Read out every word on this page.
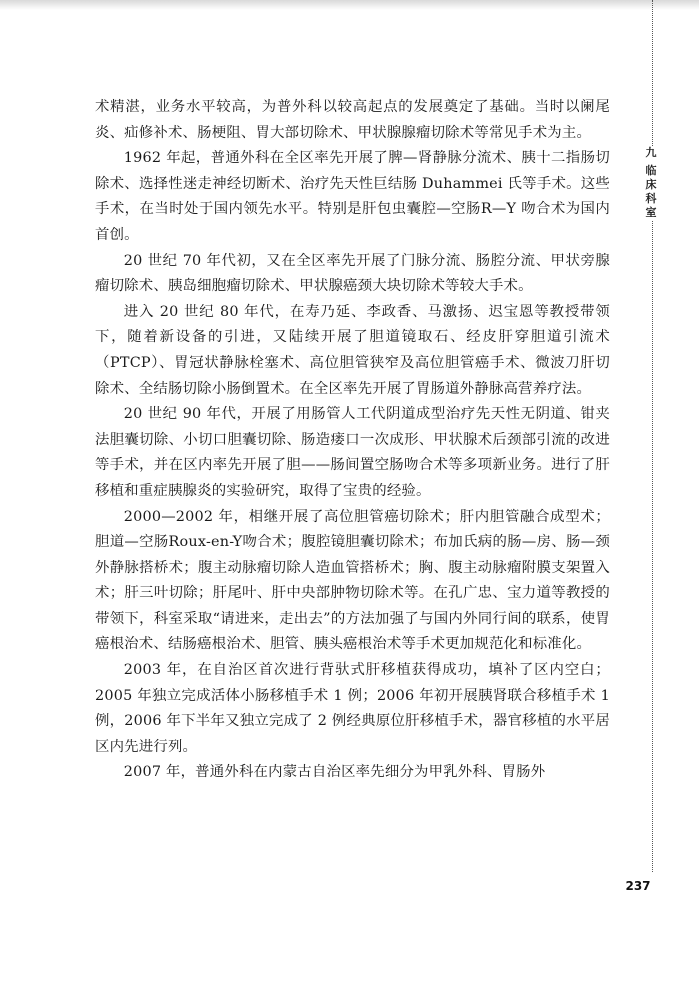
九
临
床
科
室

术精湛，业务水平较高，为普外科以较高起点的发展奠定了基础。当时以阑尾炎、疝修补术、肠梗阻、胃大部切除术、甲状腺腺瘤切除术等常见手术为主。

1962 年起，普通外科在全区率先开展了脾—肾静脉分流术、胰十二指肠切除术、选择性迷走神经切断术、治疗先天性巨结肠 Duhammei 氏等手术。这些手术，在当时处于国内领先水平。特别是肝包虫囊腔—空肠R—Y 吻合术为国内首创。

20 世纪 70 年代初，又在全区率先开展了门脉分流、肠腔分流、甲状旁腺瘤切除术、胰岛细胞瘤切除术、甲状腺癌颈大块切除术等较大手术。

进入 20 世纪 80 年代，在寿乃延、李政香、马激扬、迟宝恩等教授带领下，随着新设备的引进，又陆续开展了胆道镜取石、经皮肝穿胆道引流术（PTCP）、胃冠状静脉栓塞术、高位胆管狭窄及高位胆管癌手术、微波刀肝切除术、全结肠切除小肠倒置术。在全区率先开展了胃肠道外静脉高营养疗法。

20 世纪 90 年代，开展了用肠管人工代阴道成型治疗先天性无阴道、钳夹法胆囊切除、小切口胆囊切除、肠造瘘口一次成形、甲状腺术后颈部引流的改进等手术，并在区内率先开展了胆——肠间置空肠吻合术等多项新业务。进行了肝移植和重症胰腺炎的实验研究，取得了宝贵的经验。

2000—2002 年，相继开展了高位胆管癌切除术；肝内胆管融合成型术；胆道—空肠Roux-en-Y吻合术；腹腔镜胆囊切除术；布加氏病的肠—房、肠—颈外静脉搭桥术；腹主动脉瘤切除人造血管搭桥术；胸、腹主动脉瘤附膜支架置入术；肝三叶切除；肝尾叶、肝中央部肿物切除术等。在孔广忠、宝力道等教授的带领下，科室采取“请进来，走出去”的方法加强了与国内外同行间的联系，使胃癌根治术、结肠癌根治术、胆管、胰头癌根治术等手术更加规范化和标准化。

2003 年，在自治区首次进行背驮式肝移植获得成功，填补了区内空白；2005 年独立完成活体小肠移植手术 1 例；2006 年初开展胰肾联合移植手术 1 例，2006 年下半年又独立完成了 2 例经典原位肝移植手术，器官移植的水平居区内先进行列。

2007 年，普通外科在内蒙古自治区率先细分为甲乳外科、胃肠外

237
